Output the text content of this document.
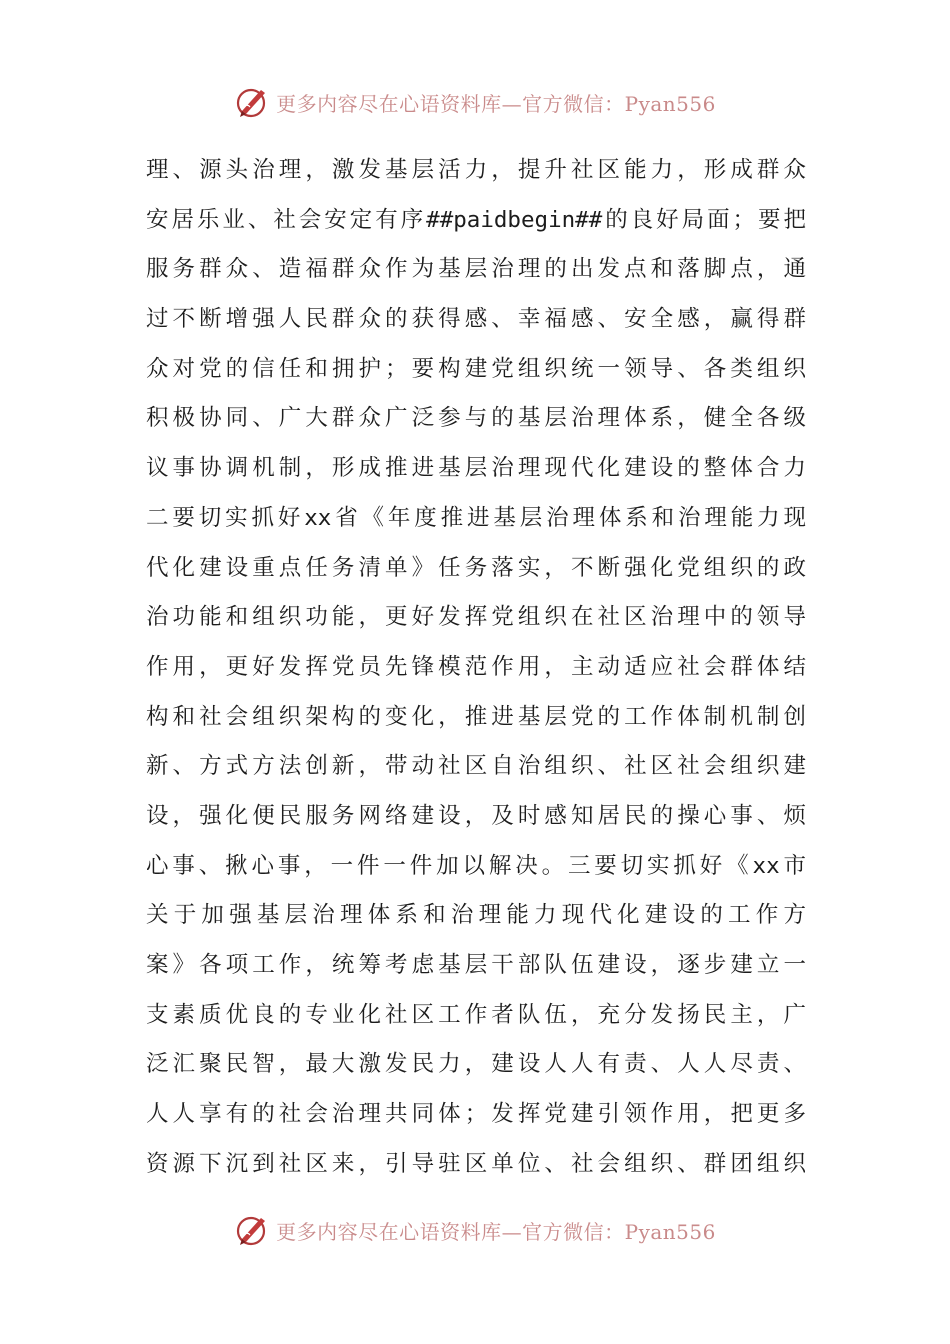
更多内容尽在心语资料库—官方微信：Pyan556
理、源头治理，激发基层活力，提升社区能力，形成群众
安居乐业、社会安定有序##paidbegin##的良好局面；要把
服务群众、造福群众作为基层治理的出发点和落脚点，通
过不断增强人民群众的获得感、幸福感、安全感，赢得群
众对党的信任和拥护；要构建党组织统一领导、各类组织
积极协同、广大群众广泛参与的基层治理体系，健全各级
议事协调机制，形成推进基层治理现代化建设的整体合力
二要切实抓好xx省《年度推进基层治理体系和治理能力现
代化建设重点任务清单》任务落实，不断强化党组织的政
治功能和组织功能，更好发挥党组织在社区治理中的领导
作用，更好发挥党员先锋模范作用，主动适应社会群体结
构和社会组织架构的变化，推进基层党的工作体制机制创
新、方式方法创新，带动社区自治组织、社区社会组织建
设，强化便民服务网络建设，及时感知居民的操心事、烦
心事、揪心事，一件一件加以解决。三要切实抓好《xx市
关于加强基层治理体系和治理能力现代化建设的工作方
案》各项工作，统筹考虑基层干部队伍建设，逐步建立一
支素质优良的专业化社区工作者队伍，充分发扬民主，广
泛汇聚民智，最大激发民力，建设人人有责、人人尽责、
人人享有的社会治理共同体；发挥党建引领作用，把更多
资源下沉到社区来，引导驻区单位、社会组织、群团组织
更多内容尽在心语资料库—官方微信：Pyan556
